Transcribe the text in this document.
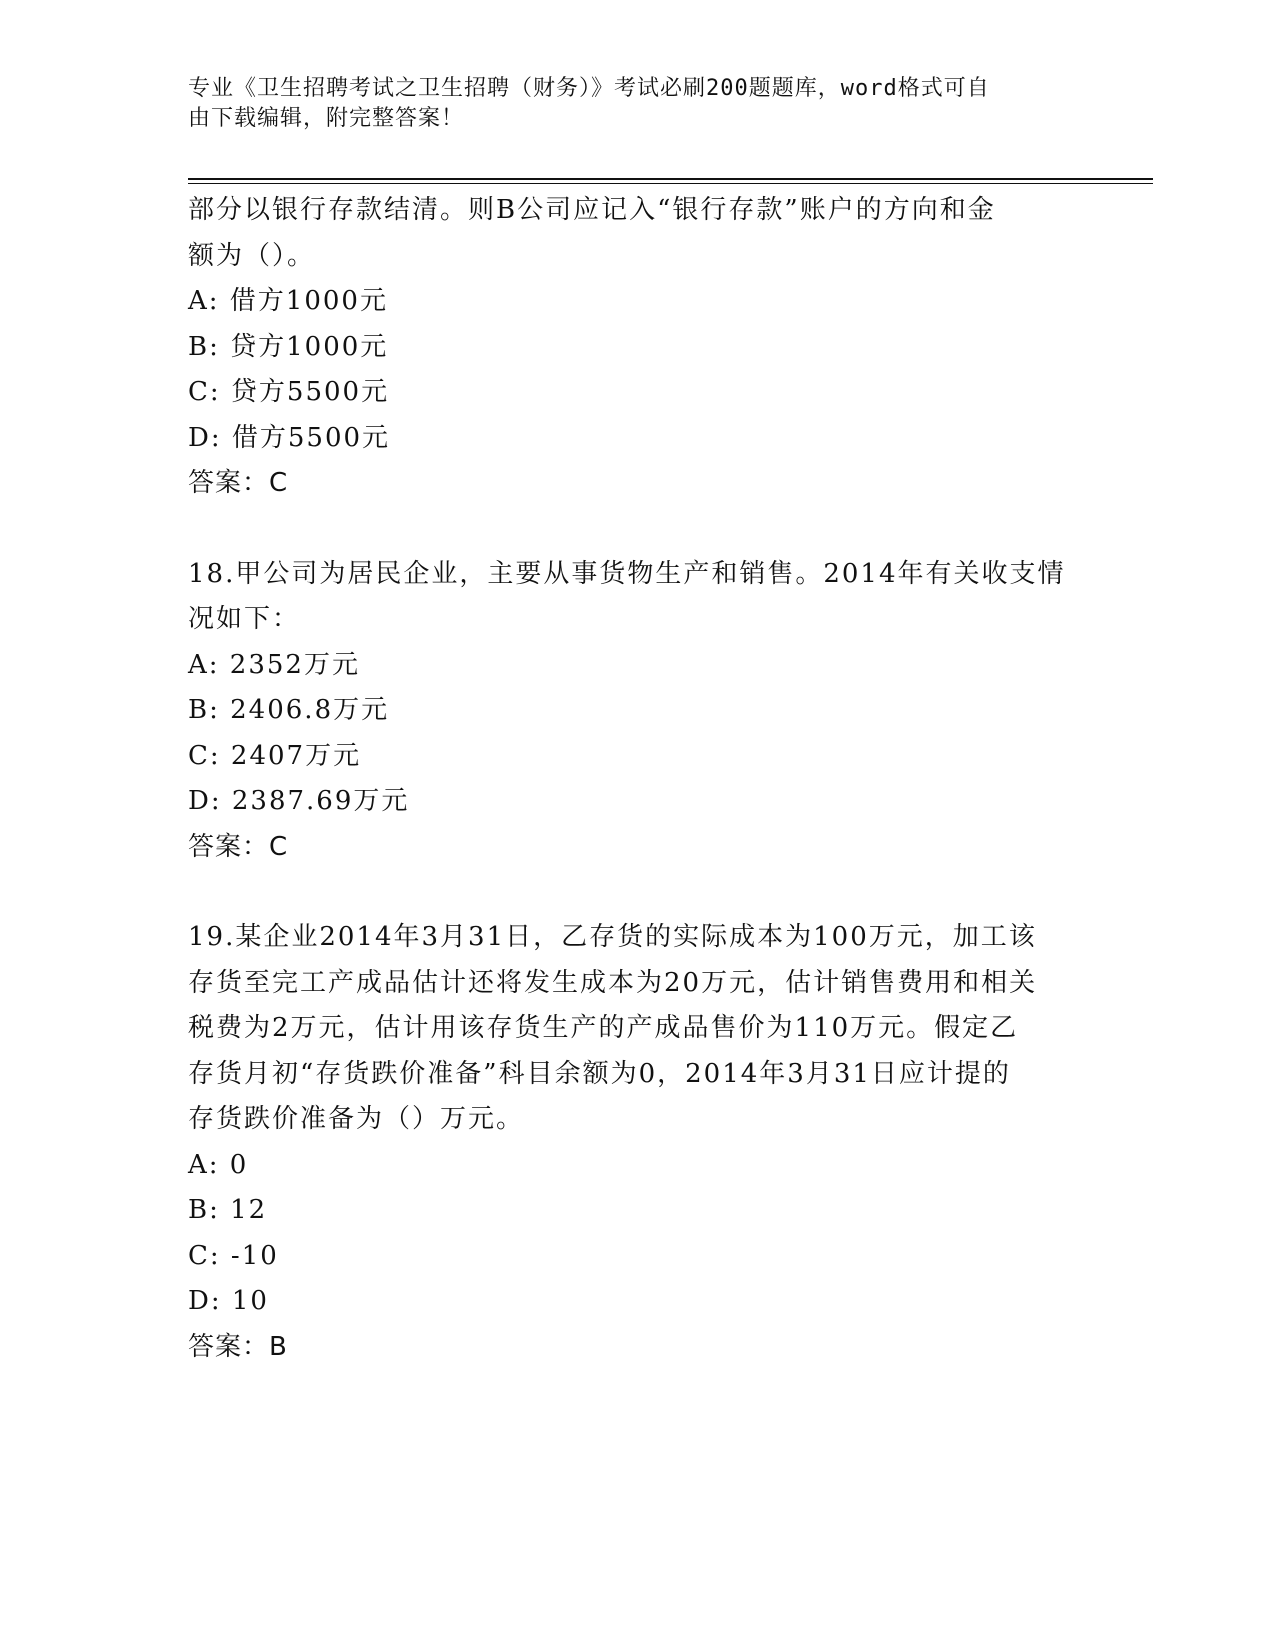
专业《卫生招聘考试之卫生招聘（财务）》考试必刷200题题库，word格式可自
由下载编辑，附完整答案！
部分以银行存款结清。则B公司应记入“银行存款”账户的方向和金
额为（）。
A: 借方1000元
B: 贷方1000元
C: 贷方5500元
D: 借方5500元
答案：C
18.甲公司为居民企业，主要从事货物生产和销售。2014年有关收支情
况如下：
A: 2352万元
B: 2406.8万元
C: 2407万元
D: 2387.69万元
答案：C
19.某企业2014年3月31日，乙存货的实际成本为100万元，加工该
存货至完工产成品估计还将发生成本为20万元，估计销售费用和相关
税费为2万元，估计用该存货生产的产成品售价为110万元。假定乙
存货月初“存货跌价准备”科目余额为0，2014年3月31日应计提的
存货跌价准备为（）万元。
A: 0
B: 12
C: -10
D: 10
答案：B
